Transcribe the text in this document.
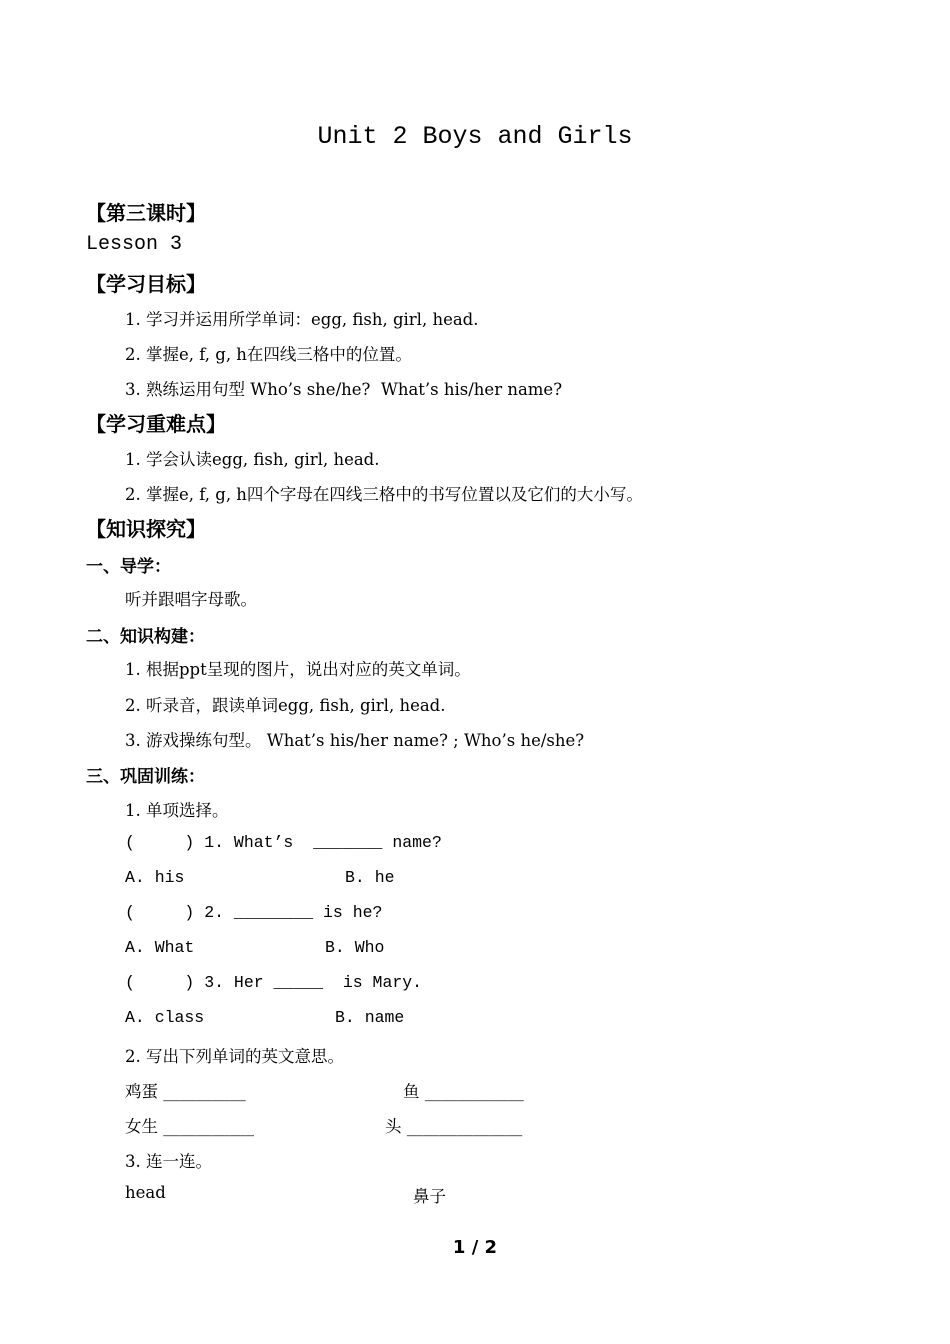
Unit 2 Boys and Girls
【第三课时】
Lesson 3
【学习目标】
1. 学习并运用所学单词：egg, fish, girl, head.
2. 掌握e, f, g, h在四线三格中的位置。
3. 熟练运用句型 Who’s she/he?  What’s his/her name?
【学习重难点】
1. 学会认读egg, fish, girl, head.
2. 掌握e, f, g, h四个字母在四线三格中的书写位置以及它们的大小写。
【知识探究】
一、导学：
听并跟唱字母歌。
二、知识构建：
1. 根据ppt呈现的图片，说出对应的英文单词。
2. 听录音，跟读单词egg, fish, girl, head.
3. 游戏操练句型。 What’s his/her name? ; Who’s he/she?
三、巩固训练：
1. 单项选择。
(     ) 1. What’s  _______ name?
A. his	B. he
(     ) 2. ________ is he?
A. What	B. Who
(     ) 3. Her _____  is Mary.
A. class	B. name
2. 写出下列单词的英文意思。
鸡蛋 __________	鱼 ____________
女生 ___________	头 ______________
3. 连一连。
head	鼻子
1 / 2
